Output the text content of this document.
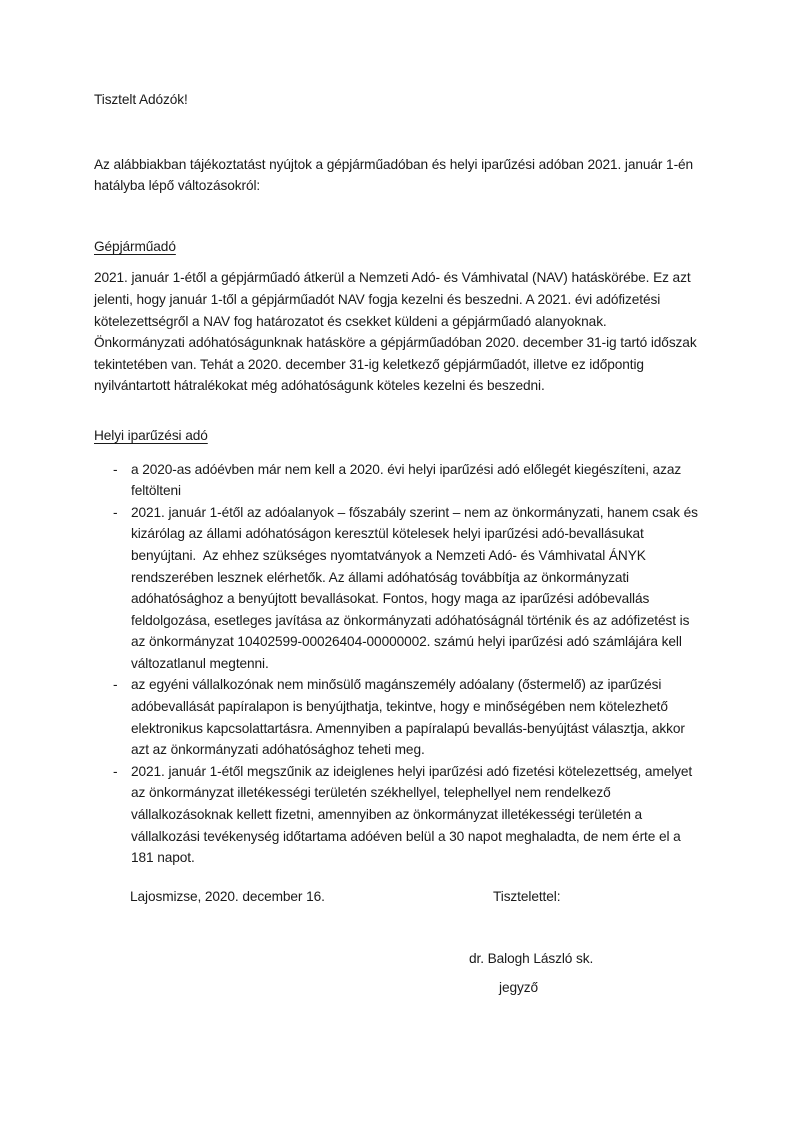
Tisztelt Adózók!

Az alábbiakban tájékoztatást nyújtok a gépjárműadóban és helyi iparűzési adóban 2021. január 1-én hatályba lépő változásokról:

Gépjárműadó

2021. január 1-étől a gépjárműadó átkerül a Nemzeti Adó- és Vámhivatal (NAV) hatáskörébe. Ez azt jelenti, hogy január 1-től a gépjárműadót NAV fogja kezelni és beszedni. A 2021. évi adófizetési kötelezettségről a NAV fog határozatot és csekket küldeni a gépjárműadó alanyoknak. Önkormányzati adóhatóságunknak hatásköre a gépjárműadóban 2020. december 31-ig tartó időszak tekintetében van. Tehát a 2020. december 31-ig keletkező gépjárműadót, illetve ez időpontig nyilvántartott hátralékokat még adóhatóságunk köteles kezelni és beszedni.

Helyi iparűzési adó

- a 2020-as adóévben már nem kell a 2020. évi helyi iparűzési adó előlegét kiegészíteni, azaz feltölteni
- 2021. január 1-étől az adóalanyok – főszabály szerint – nem az önkormányzati, hanem csak és kizárólag az állami adóhatóságon keresztül kötelesek helyi iparűzési adó-bevallásukat benyújtani.  Az ehhez szükséges nyomtatványok a Nemzeti Adó- és Vámhivatal ÁNYK rendszerében lesznek elérhetők. Az állami adóhatóság továbbítja az önkormányzati adóhatósághoz a benyújtott bevallásokat. Fontos, hogy maga az iparűzési adóbevallás feldolgozása, esetleges javítása az önkormányzati adóhatóságnál történik és az adófizetést is az önkormányzat 10402599-00026404-00000002. számú helyi iparűzési adó számlájára kell változatlanul megtenni.
- az egyéni vállalkozónak nem minősülő magánszemély adóalany (őstermelő) az iparűzési adóbevallását papíralapon is benyújthatja, tekintve, hogy e minőségében nem kötelezhető elektronikus kapcsolattartásra. Amennyiben a papíralapú bevallás-benyújtást választja, akkor azt az önkormányzati adóhatósághoz teheti meg.
- 2021. január 1-étől megszűnik az ideiglenes helyi iparűzési adó fizetési kötelezettség, amelyet az önkormányzat illetékességi területén székhellyel, telephellyel nem rendelkező vállalkozásoknak kellett fizetni, amennyiben az önkormányzat illetékességi területén a vállalkozási tevékenység időtartama adóéven belül a 30 napot meghaladta, de nem érte el a 181 napot.
Lajosmizse, 2020. december 16.	Tisztelettel:
dr. Balogh László sk.
jegyző
